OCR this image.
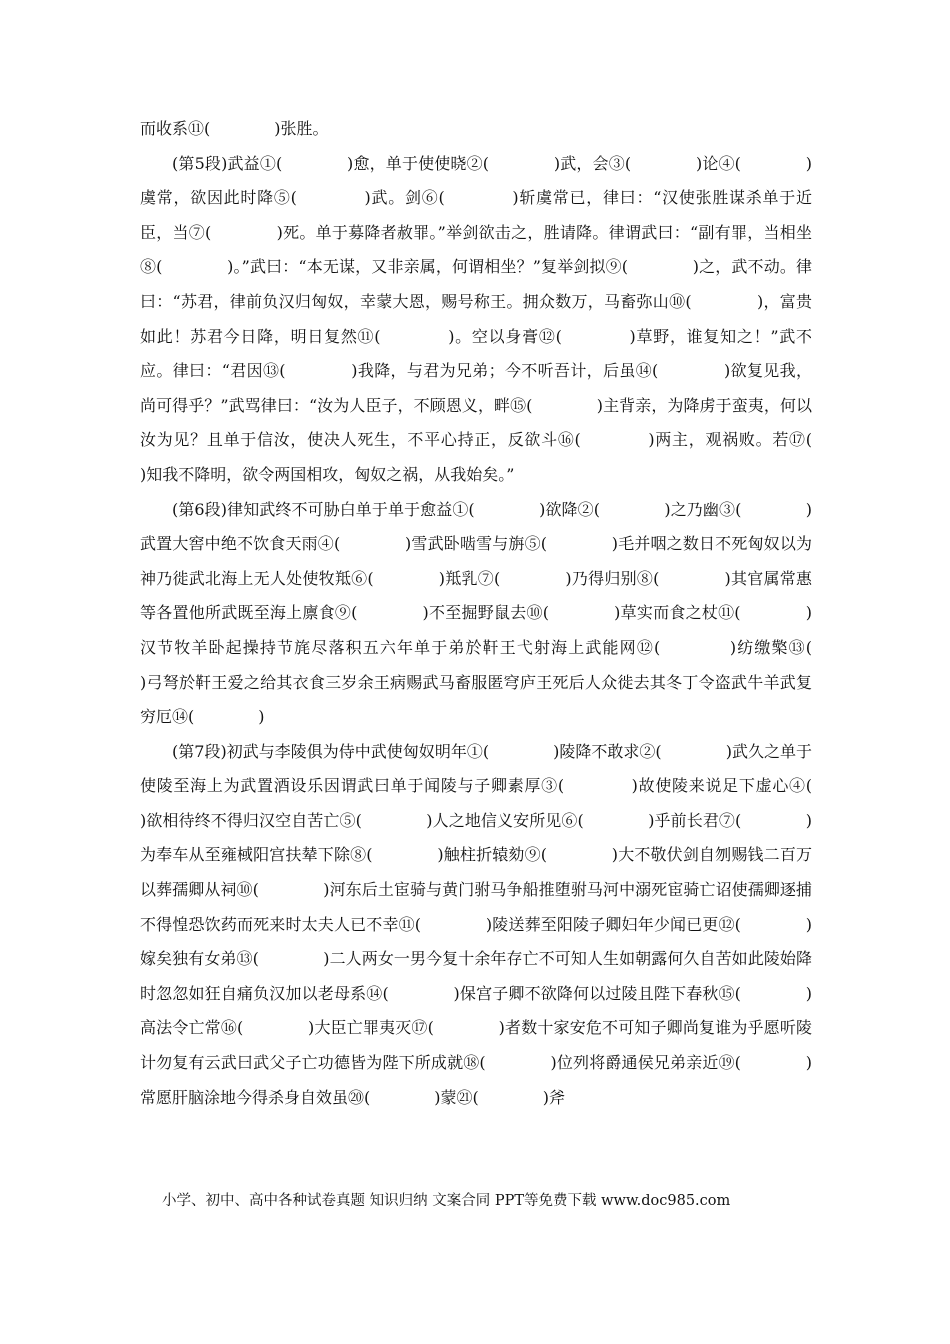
而收系⑪(　　　　)张胜。

(第5段)武益①(　　　　)愈，单于使使晓②(　　　　)武，会③(　　　　)论④(　　　　)虞常，欲因此时降⑤(　　　　)武。剑⑥(　　　　)斩虞常已，律曰：“汉使张胜谋杀单于近臣，当⑦(　　　　)死。单于募降者赦罪。”举剑欲击之，胜请降。律谓武曰：“副有罪，当相坐⑧(　　　　)。”武曰：“本无谋，又非亲属，何谓相坐？”复举剑拟⑨(　　　　)之，武不动。律曰：“苏君，律前负汉归匈奴，幸蒙大恩，赐号称王。拥众数万，马畜弥山⑩(　　　　)，富贵如此！苏君今日降，明日复然⑪(　　　　)。空以身膏⑫(　　　　)草野，谁复知之！”武不应。律曰：“君因⑬(　　　　)我降，与君为兄弟；今不听吾计，后虽⑭(　　　　)欲复见我，尚可得乎？”武骂律曰：“汝为人臣子，不顾恩义，畔⑮(　　　　)主背亲，为降虏于蛮夷，何以汝为见？且单于信汝，使决人死生，不平心持正，反欲斗⑯(　　　　)两主，观祸败。若⑰(　　　　)知我不降明，欲令两国相攻，匈奴之祸，从我始矣。”

(第6段)律知武终不可胁白单于单于愈益①(　　　　)欲降②(　　　　)之乃幽③(　　　　)武置大窖中绝不饮食天雨④(　　　　)雪武卧啮雪与旃⑤(　　　　)毛并咽之数日不死匈奴以为神乃徙武北海上无人处使牧羝⑥(　　　　)羝乳⑦(　　　　)乃得归别⑧(　　　　)其官属常惠等各置他所武既至海上廪食⑨(　　　　)不至掘野鼠去⑩(　　　　)草实而食之杖⑪(　　　　)汉节牧羊卧起操持节旄尽落积五六年单于弟於靬王弋射海上武能网⑫(　　　　)纺缴檠⑬(　　　　)弓弩於靬王爱之给其衣食三岁余王病赐武马畜服匿穹庐王死后人众徙去其冬丁令盗武牛羊武复穷厄⑭(　　　　)

(第7段)初武与李陵俱为侍中武使匈奴明年①(　　　　)陵降不敢求②(　　　　)武久之单于使陵至海上为武置酒设乐因谓武曰单于闻陵与子卿素厚③(　　　　)故使陵来说足下虚心④(　　　　)欲相待终不得归汉空自苦亡⑤(　　　　)人之地信义安所见⑥(　　　　)乎前长君⑦(　　　　)为奉车从至雍棫阳宫扶辇下除⑧(　　　　)触柱折辕劾⑨(　　　　)大不敬伏剑自刎赐钱二百万以葬孺卿从祠⑩(　　　　)河东后土宦骑与黄门驸马争船推堕驸马河中溺死宦骑亡诏使孺卿逐捕不得惶恐饮药而死来时太夫人已不幸⑪(　　　　)陵送葬至阳陵子卿妇年少闻已更⑫(　　　　)嫁矣独有女弟⑬(　　　　)二人两女一男今复十余年存亡不可知人生如朝露何久自苦如此陵始降时忽忽如狂自痛负汉加以老母系⑭(　　　　)保宫子卿不欲降何以过陵且陛下春秋⑮(　　　　)高法令亡常⑯(　　　　)大臣亡罪夷灭⑰(　　　　)者数十家安危不可知子卿尚复谁为乎愿听陵计勿复有云武曰武父子亡功德皆为陛下所成就⑱(　　　　)位列将爵通侯兄弟亲近⑲(　　　　)常愿肝脑涂地今得杀身自效虽⑳(　　　　)蒙㉑(　　　　)斧

小学、初中、高中各种试卷真题 知识归纳 文案合同 PPT等免费下载 www.doc985.com
